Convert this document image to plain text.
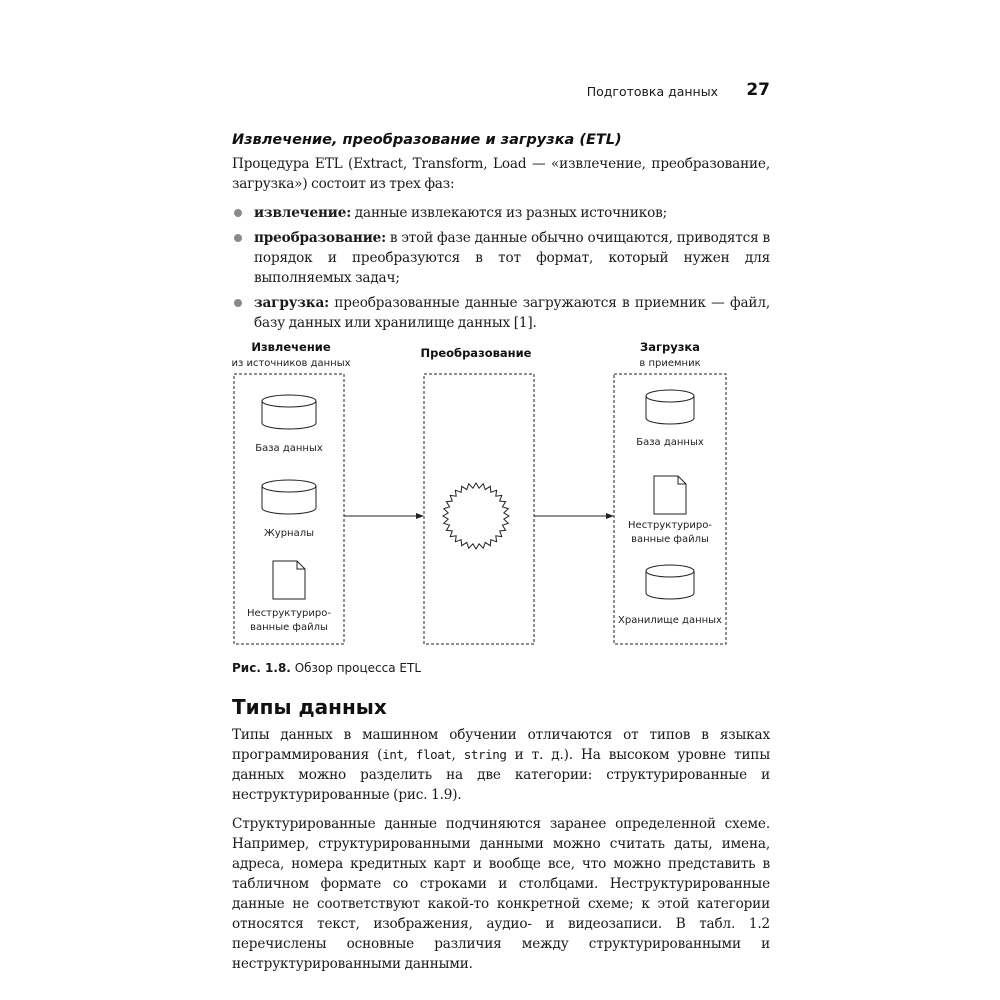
Подготовка данных 27
Извлечение, преобразование и загрузка (ETL)

Процедура ETL (Extract, Transform, Load — «извлечение, преобразование, загрузка») состоит из трех фаз:

извлечение: данные извлекаются из разных источников;
преобразование: в этой фазе данные обычно очищаются, приводятся в порядок и преобразуются в тот формат, который нужен для выполняемых задач;
загрузка: преобразованные данные загружаются в приемник — файл, базу данных или хранилище данных [1].
Извлечение
из источников данных
База данных
Журналы
Неструктуриро-
ванные файлы
Преобразование	Загрузка
в приемник
База данных
Неструктуриро-
ванные файлы
Хранилище данных
Рис. 1.8. Обзор процесса ETL
Типы данных

Типы данных в машинном обучении отличаются от типов в языках программирования (int, float, string и т. д.). На высоком уровне типы данных можно разделить на две категории: структурированные и неструктурированные (рис. 1.9).

Структурированные данные подчиняются заранее определенной схеме. Например, структурированными данными можно считать даты, имена, адреса, номера кредитных карт и вообще все, что можно представить в табличном формате со строками и столбцами. Неструктурированные данные не соответствуют какой-то конкретной схеме; к этой категории относятся текст, изображения, аудио- и видеозаписи. В табл. 1.2 перечислены основные различия между структурированными и неструктурированными данными.
